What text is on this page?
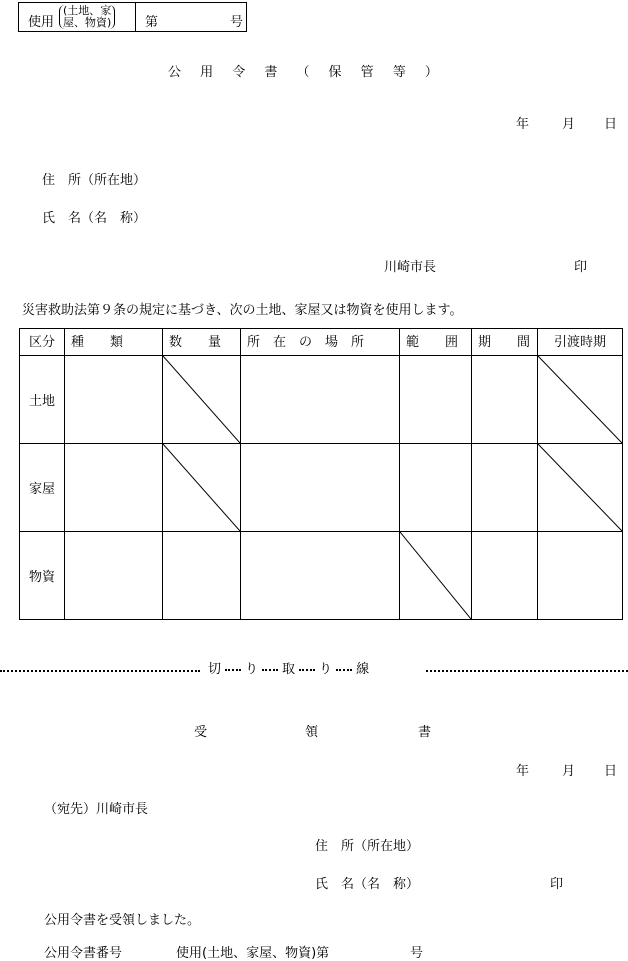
使用
(土地、家
屋、物資)	第	号
公 用 令 書 （ 保 管 等 ）
年	月 日
住　所（所在地）
氏　名（名　称）
川崎市長	印
災害救助法第９条の規定に基づき、次の土地、家屋又は物資を使用します。
区分	種　　類	数　　量	所　在　の　場　所	範　　囲	期　　間	引渡時期

土地		

家屋		

物資				

切 り 取 り 線
受	領	書
年	月 日
（宛先）川崎市長
住　所（所在地）
氏　名（名　称）	印
公用令書を受領しました。
公用令書番号	使用(土地、家屋、物資)第	号
